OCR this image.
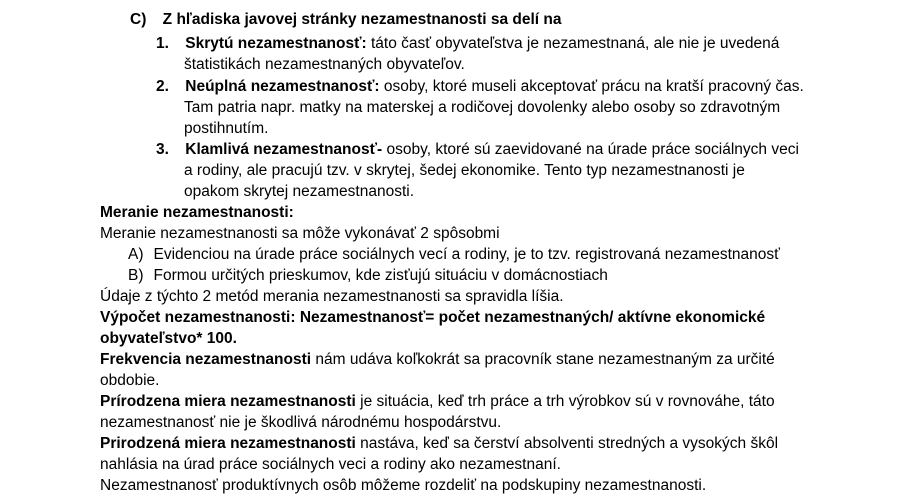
C) Z hľadiska javovej stránky nezamestnanosti sa delí na
1. Skrytú nezamestnanosť: táto časť obyvateľstva je nezamestnaná, ale nie je uvedená
štatistikách nezamestnaných obyvateľov.
2. Neúplná nezamestnanosť: osoby, ktoré museli akceptovať prácu na kratší pracovný čas.
Tam patria napr. matky na materskej a rodičovej dovolenky alebo osoby so zdravotným
postihnutím.
3. Klamlivá nezamestnanosť- osoby, ktoré sú zaevidované na úrade práce sociálnych veci
a rodiny, ale pracujú tzv. v skrytej, šedej ekonomike. Tento typ nezamestnanosti je
opakom skrytej nezamestnanosti.
Meranie nezamestnanosti:
Meranie nezamestnanosti sa môže vykonávať 2 spôsobmi
A) Evidenciou na úrade práce sociálnych vecí a rodiny, je to tzv. registrovaná nezamestnanosť
B) Formou určitých prieskumov, kde zisťujú situáciu v domácnostiach
Údaje z týchto 2 metód merania nezamestnanosti sa spravidla líšia.
Výpočet nezamestnanosti: Nezamestnanosť= počet nezamestnaných/ aktívne ekonomické
obyvateľstvo* 100.
Frekvencia nezamestnanosti nám udáva koľkokrát sa pracovník stane nezamestnaným za určité
obdobie.
Prírodzena miera nezamestnanosti je situácia, keď trh práce a trh výrobkov sú v rovnováhe, táto
nezamestnanosť nie je škodlivá národnému hospodárstvu.
Prirodzená miera nezamestnanosti nastáva, keď sa čerství absolventi stredných a vysokých škôl
nahlásia na úrad práce sociálnych veci a rodiny ako nezamestnaní.
Nezamestnanosť produktívnych osôb môžeme rozdeliť na podskupiny nezamestnanosti.
